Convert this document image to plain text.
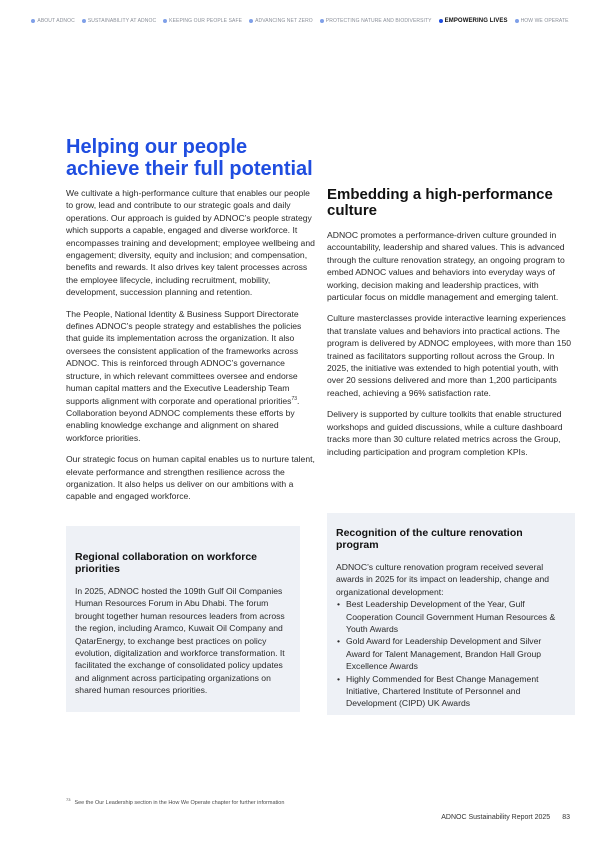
ABOUT ADNOC	SUSTAINABILITY AT ADNOC	KEEPING OUR PEOPLE SAFE	ADVANCING NET ZERO	PROTECTING NATURE AND BIODIVERSITY EMPOWERING LIVES	HOW WE OPERATE
Helping our people achieve their full potential

We cultivate a high-performance culture that enables our people to grow, lead and contribute to our strategic goals and daily operations. Our approach is guided by ADNOC’s people strategy which supports a capable, engaged and diverse workforce. It encompasses training and development; employee wellbeing and engagement; diversity, equity and inclusion; and compensation, benefits and rewards. It also drives key talent processes across the employee lifecycle, including recruitment, mobility, development, succession planning and retention.

The People, National Identity & Business Support Directorate defines ADNOC’s people strategy and establishes the policies that guide its implementation across the organization. It also oversees the consistent application of the frameworks across ADNOC. This is reinforced through ADNOC’s governance structure, in which relevant committees oversee and endorse human capital matters and the Executive Leadership Team supports alignment with corporate and operational priorities$^{73}$. Collaboration beyond ADNOC complements these efforts by enabling knowledge exchange and alignment on shared workforce priorities.

Our strategic focus on human capital enables us to nurture talent, elevate performance and strengthen resilience across the organization. It also helps us deliver on our ambitions with a capable and engaged workforce.

Embedding a high-performance culture

ADNOC promotes a performance-driven culture grounded in accountability, leadership and shared values. This is advanced through the culture renovation strategy, an ongoing program to embed ADNOC values and behaviors into everyday ways of working, decision making and leadership practices, with particular focus on middle management and emerging talent.

Culture masterclasses provide interactive learning experiences that translate values and behaviors into practical actions. The program is delivered by ADNOC employees, with more than 150 trained as facilitators supporting rollout across the Group. In 2025, the initiative was extended to high potential youth, with over 20 sessions delivered and more than 1,200 participants reached, achieving a 96% satisfaction rate.

Delivery is supported by culture toolkits that enable structured workshops and guided discussions, while a culture dashboard tracks more than 30 culture related metrics across the Group, including participation and program completion KPIs.

Regional collaboration on workforce priorities

In 2025, ADNOC hosted the 109th Gulf Oil Companies Human Resources Forum in Abu Dhabi. The forum brought together human resources leaders from across the region, including Aramco, Kuwait Oil Company and QatarEnergy, to exchange best practices on policy evolution, digitalization and workforce transformation. It facilitated the exchange of consolidated policy updates and alignment across participating organizations on shared human resources priorities.

Recognition of the culture renovation program

ADNOC’s culture renovation program received several awards in 2025 for its impact on leadership, change and organizational development:

• Best Leadership Development of the Year, Gulf Cooperation Council Government Human Resources & Youth Awards
• Gold Award for Leadership Development and Silver Award for Talent Management, Brandon Hall Group Excellence Awards
• Highly Commended for Best Change Management Initiative, Chartered Institute of Personnel and Development (CIPD) UK Awards
$^{73}$See the Our Leadership section in the How We Operate chapter for further information
ADNOC Sustainability Report 2025 83
